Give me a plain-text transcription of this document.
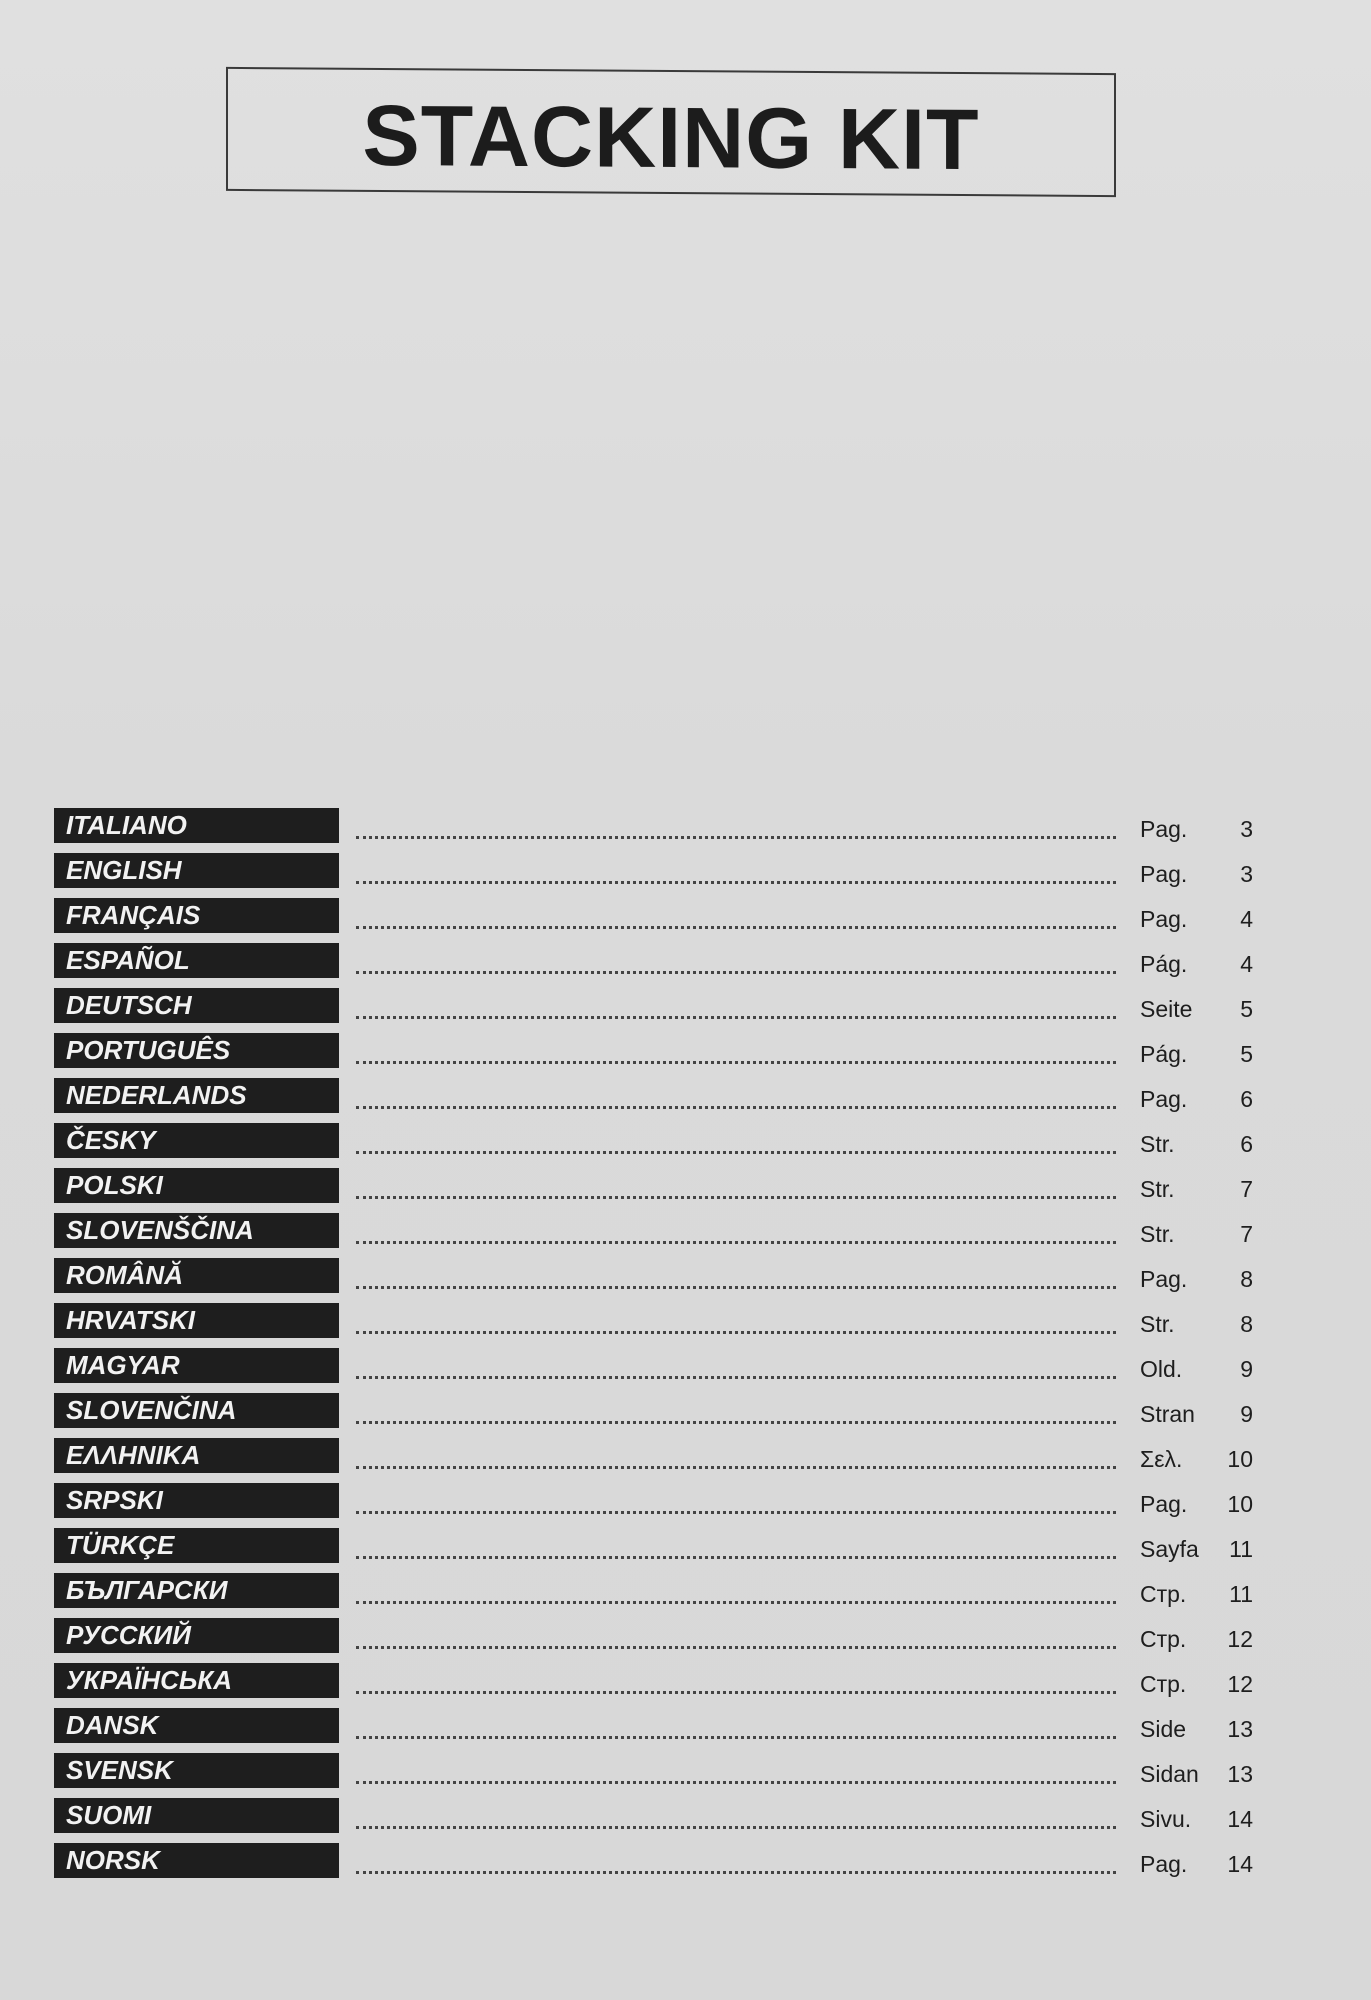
STACKING KIT
ITALIANO	Pag.	3
ENGLISH	Pag.	3
FRANÇAIS	Pag.	4
ESPAÑOL	Pág.	4
DEUTSCH	Seite	5
PORTUGUÊS	Pág.	5
NEDERLANDS	Pag.	6
ČESKY	Str.	6
POLSKI	Str.	7
SLOVENŠČINA	Str.	7
ROMÂNĂ	Pag.	8
HRVATSKI	Str.	8
MAGYAR	Old.	9
SLOVENČINA	Stran	9
ΕΛΛΗΝΙΚΑ	Σελ.	10
SRPSKI	Pag.	10
TÜRKÇE	Sayfa	11
БЪЛГАРСКИ	Стр.	11
РУССКИЙ	Стр.	12
УКРАЇНСЬКА	Стр.	12
DANSK	Side	13
SVENSK	Sidan	13
SUOMI	Sivu.	14
NORSK	Pag.	14
